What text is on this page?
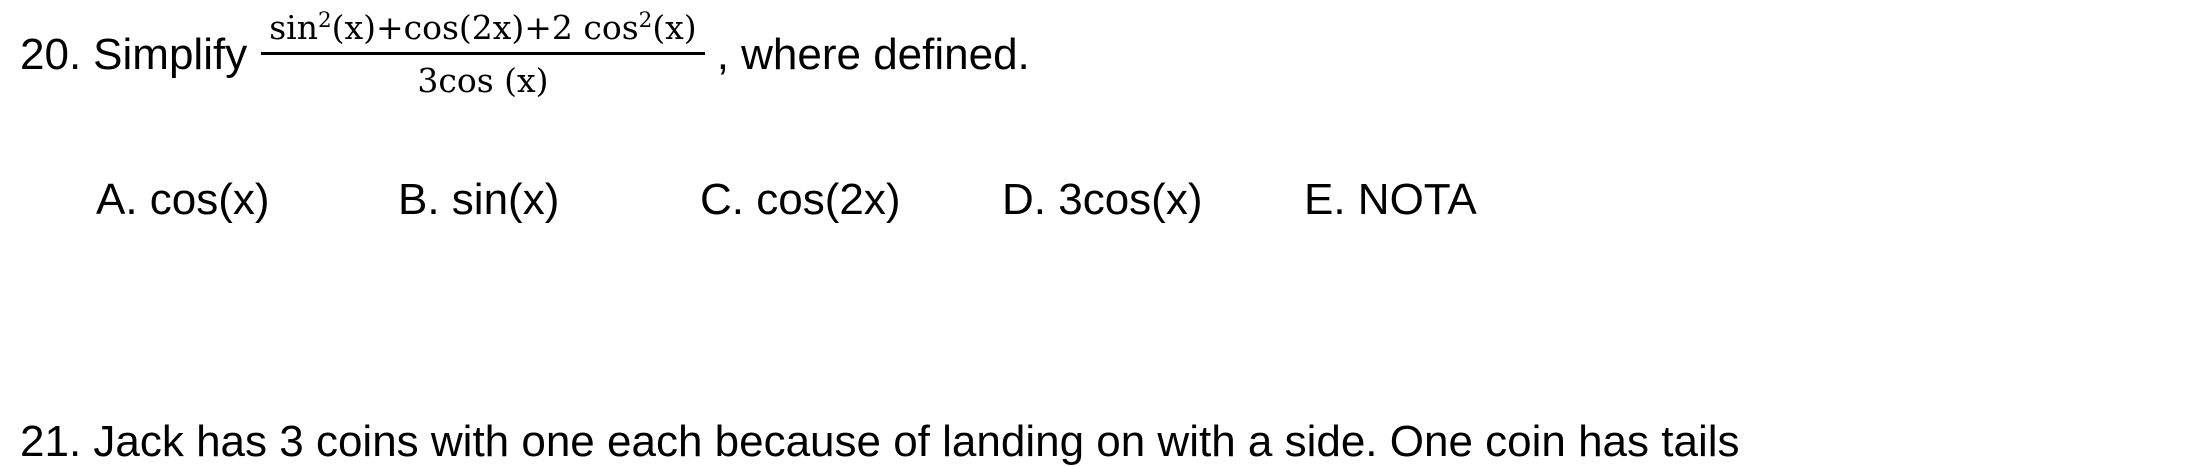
20. Simplify $\frac{\sin^2(x)+\cos(2x)+2 \cos^2(x)}{3\cos (x)}$ , where defined.
A. cos(x)	B. sin(x)	C. cos(2x) D. 3cos(x) E. NOTA
21. Jack has 3 coins with one each because of landing on with a side. One coin has tails
